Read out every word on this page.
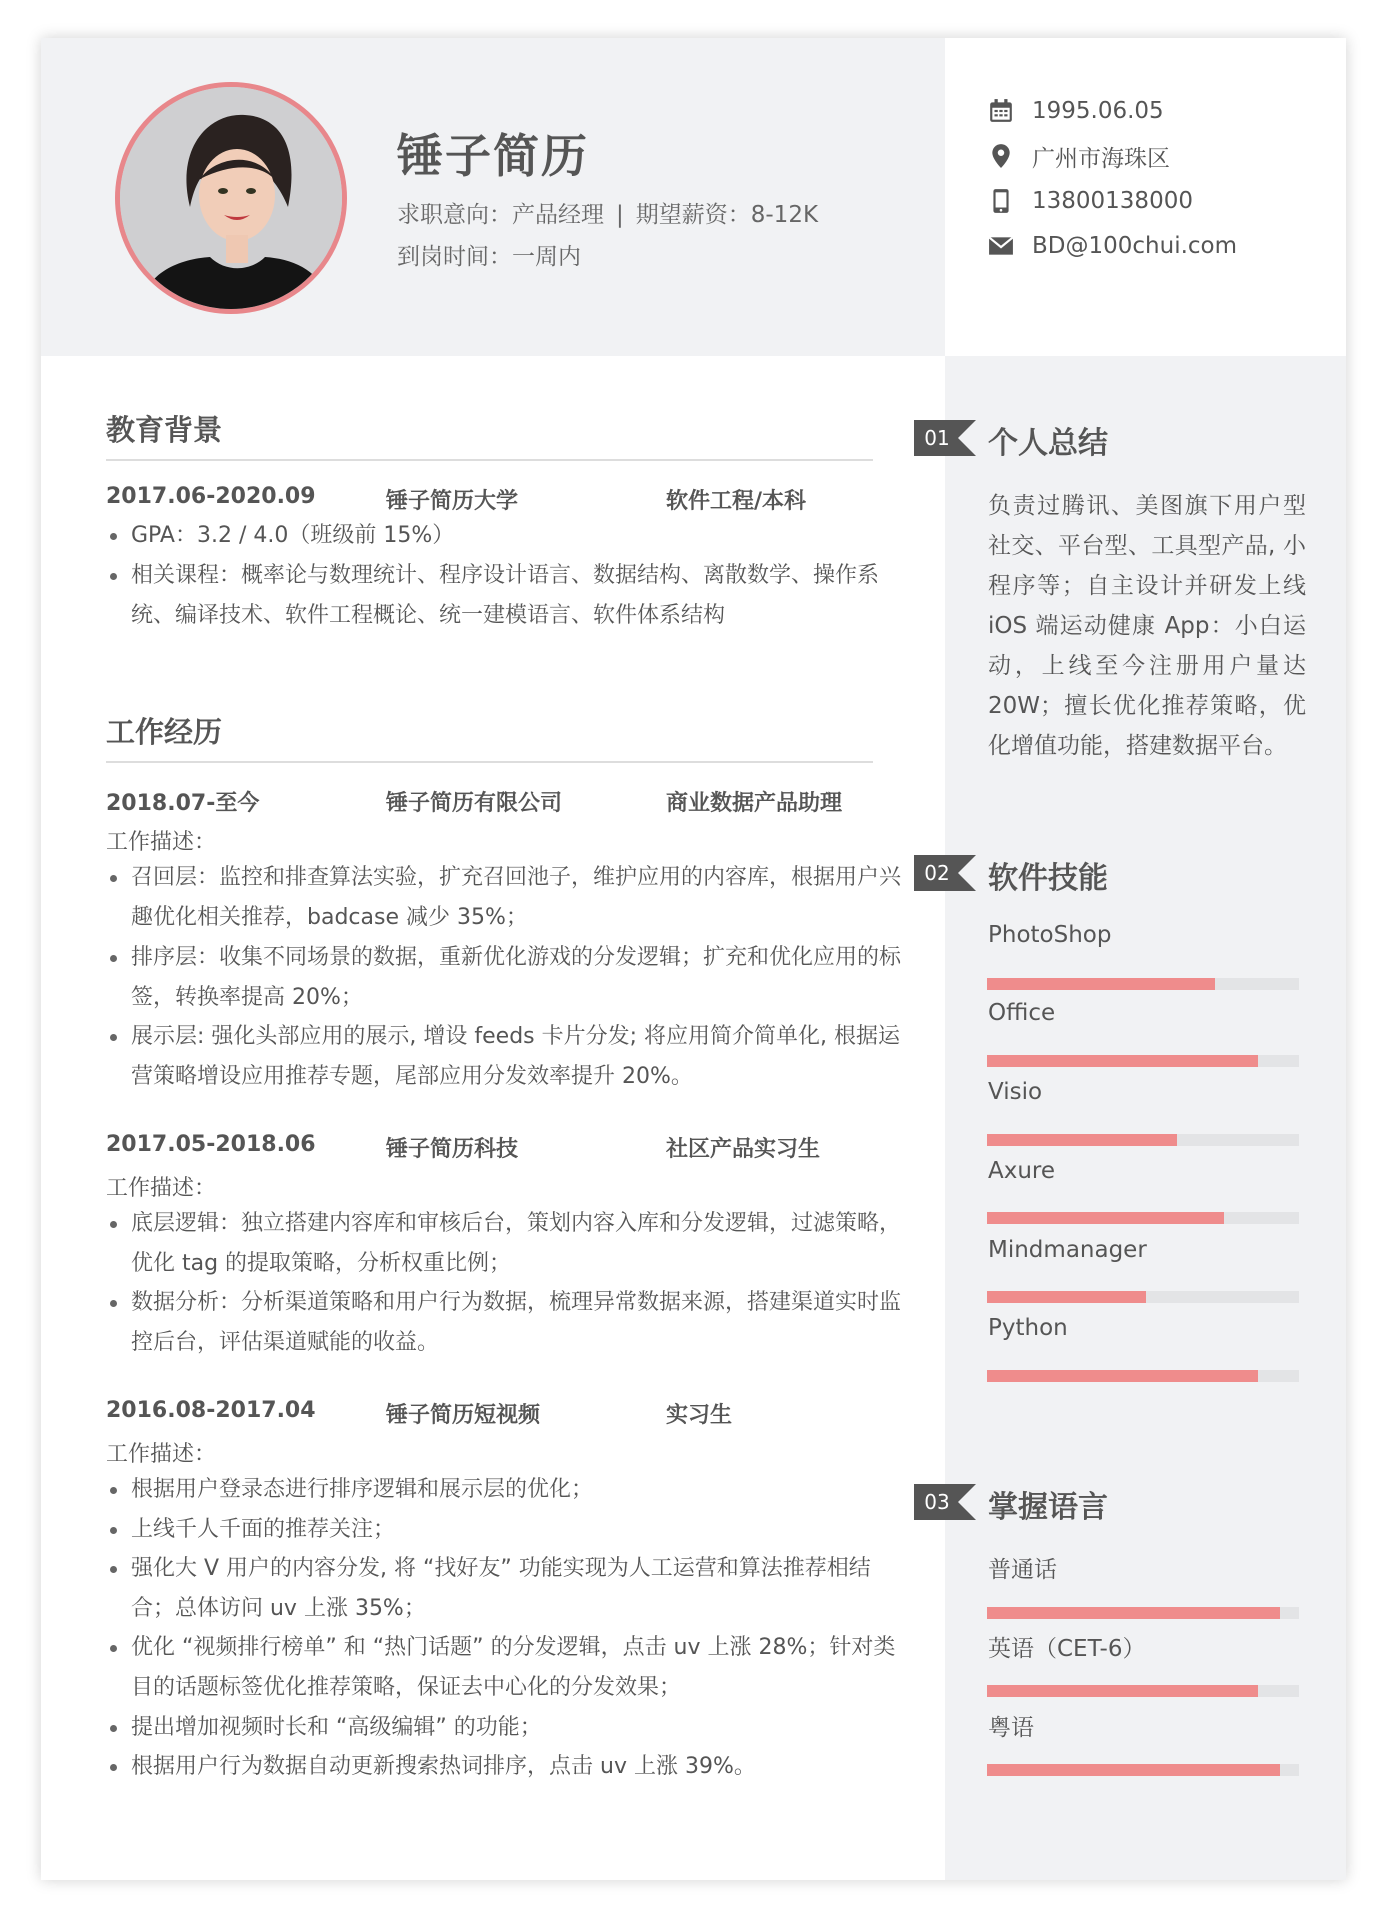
锤子简历
求职意向：产品经理 | 期望薪资：8-12K
到岗时间：一周内
1995.06.05
广州市海珠区
13800138000
BD@100chui.com
教育背景
2017.06-2020.09	锤子简历大学	软件工程/本科
GPA：3.2 / 4.0（班级前 15%）
相关课程：概率论与数理统计、程序设计语言、数据结构、离散数学、操作系统、编译技术、软件工程概论、统一建模语言、软件体系结构
工作经历
2018.07-至今	锤子简历有限公司	商业数据产品助理
工作描述：
召回层：监控和排查算法实验，扩充召回池子，维护应用的内容库，根据用户兴趣优化相关推荐，badcase 减少 35%；
排序层：收集不同场景的数据，重新优化游戏的分发逻辑；扩充和优化应用的标签，转换率提高 20%；
展示层: 强化头部应用的展示, 增设 feeds 卡片分发; 将应用简介简单化, 根据运营策略增设应用推荐专题，尾部应用分发效率提升 20%。
2017.05-2018.06	锤子简历科技	社区产品实习生
工作描述：
底层逻辑：独立搭建内容库和审核后台，策划内容入库和分发逻辑，过滤策略，优化 tag 的提取策略，分析权重比例；
数据分析：分析渠道策略和用户行为数据，梳理异常数据来源，搭建渠道实时监控后台，评估渠道赋能的收益。
2016.08-2017.04	锤子简历短视频	实习生
工作描述：
根据用户登录态进行排序逻辑和展示层的优化；
上线千人千面的推荐关注；
强化大 V 用户的内容分发, 将 “找好友” 功能实现为人工运营和算法推荐相结合；总体访问 uv 上涨 35%；
优化 “视频排行榜单” 和 “热门话题” 的分发逻辑，点击 uv 上涨 28%；针对类目的话题标签优化推荐策略，保证去中心化的分发效果；
提出增加视频时长和 “高级编辑” 的功能；
根据用户行为数据自动更新搜索热词排序，点击 uv 上涨 39%。
01	个人总结
负责过腾讯、美图旗下用户型社交、平台型、工具型产品, 小程序等；自主设计并研发上线 iOS 端运动健康 App：小白运动，上线至今注册用户量达 20W；擅长优化推荐策略，优化增值功能，搭建数据平台。
02	软件技能
PhotoShop
Office
Visio
Axure
Mindmanager
Python
03	掌握语言
普通话
英语（CET-6）
粤语
